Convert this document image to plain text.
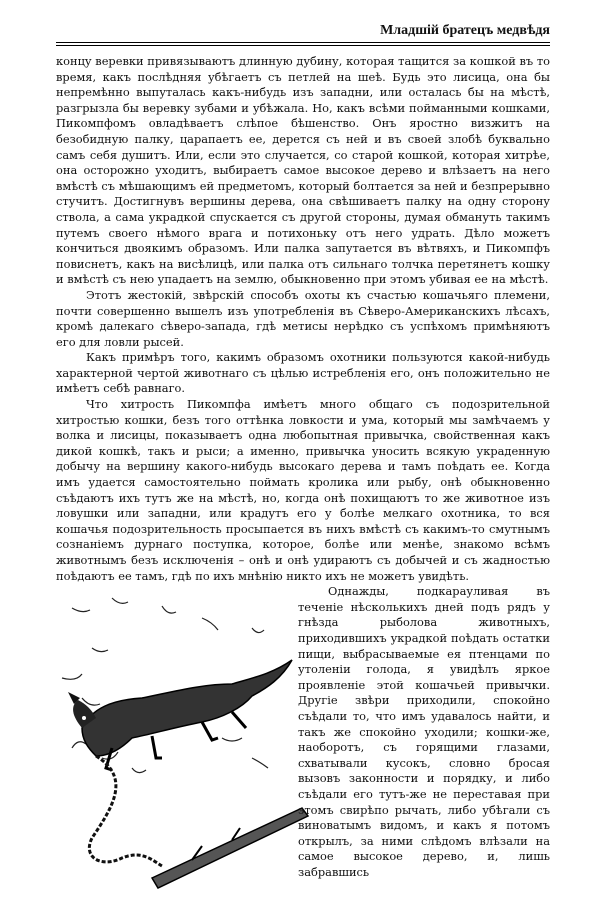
Младшій братецъ медвѣдя

концу веревки привязываютъ длинную дубину, которая тащится за кошкой въ то время, какъ послѣдняя убѣгаетъ съ петлей на шеѣ. Будь это лисица, она бы непремѣнно выпуталась какъ-нибудь изъ западни, или осталась бы на мѣстѣ, разгрызла бы веревку зубами и убѣжала. Но, какъ всѣми пойманными кошками, Пикомпфомъ овладѣваетъ слѣпое бѣшенство. Онъ яростно визжитъ на безобидную палку, царапаетъ ее, дерется съ ней и въ своей злобѣ буквально самъ себя душитъ. Или, если это случается, со старой кошкой, которая хитрѣе, она осторожно уходитъ, выбираетъ самое высокое дерево и влѣзаетъ на него вмѣстѣ съ мѣшающимъ ей предметомъ, который болтается за ней и безпрерывно стучитъ. Достигнувъ вершины дерева, она свѣшиваетъ палку на одну сторону ствола, а сама укрaдкой спускается съ другой стороны, думая обмануть такимъ путемъ своего нѣмого врага и потихоньку отъ него удрать. Дѣло можетъ кончиться двоякимъ образомъ. Или палка запутается въ вѣтвяхъ, и Пикомпфъ повиснетъ, какъ на висѣлицѣ, или палка отъ сильнаго толчка перетянетъ кошку и вмѣстѣ съ нею упадаетъ на землю, обыкновенно при этомъ убивая ее на мѣстѣ.

Этотъ жестокій, звѣрскій способъ охоты къ счастью кошачьяго племени, почти совершенно вышелъ изъ употребленія въ Сѣверо-Американскихъ лѣсахъ, кромѣ далекаго сѣверо-запада, гдѣ метисы нерѣдко съ успѣхомъ примѣняютъ его для ловли рысей.

Какъ примѣръ того, какимъ образомъ охотники пользуются какой-нибудь характерной чертой животнаго съ цѣлью истребленія его, онъ положительно не имѣетъ себѣ равнаго.

Что хитрость Пикомпфа имѣетъ много общаго съ подозрительной хитростью кошки, безъ того оттѣнка ловкости и ума, который мы замѣчаемъ у волка и лисицы, показываетъ одна любопытная привычка, свойственная какъ дикой кошкѣ, такъ и рыси; а именно, привычка уносить всякую украденную добычу на вершину какого-нибудь высокаго дерева и тамъ поѣдать ее. Когда имъ удается самостоятельно поймать кролика или рыбу, онѣ обыкновенно съѣдаютъ ихъ тутъ же на мѣстѣ, но, когда онѣ похищаютъ то же животное изъ ловушки или западни, или крадутъ его у болѣе мелкаго охотника, то вся кошачья подозрительность просыпается въ нихъ вмѣстѣ съ какимъ-то смутнымъ сознаніемъ дурнаго поступка, которое, болѣе или менѣе, знакомо всѣмъ животнымъ безъ исключенія – онѣ и онѣ удираютъ съ добычей и съ жадностью поѣдаютъ ее тамъ, гдѣ по ихъ мнѣнію никто ихъ не можетъ увидѣть.

Однажды, подкарауливая въ теченіе нѣсколькихъ дней подъ рядъ у гнѣзда рыболова животныхъ, приходившихъ украдкой поѣдать остатки пищи, выбрасываемые ея птенцами по утоленіи голода, я увидѣлъ яркое проявленіе этой кошачьей привычки. Другіе звѣри приходили, спокойно съѣдали то, что имъ удавалось найти, и такъ же спокойно уходили; кошки-же, наоборотъ, съ горящими глазами, схватывали кусокъ, словно бросая вызовъ законности и порядку, и либо съѣдали его тутъ-же не переставая при этомъ свирѣпо рычать, либо убѣгали съ виноватымъ видомъ, и какъ я потомъ открылъ, за ними слѣдомъ влѣзали на самое высокое дерево, и, лишь забравшись
